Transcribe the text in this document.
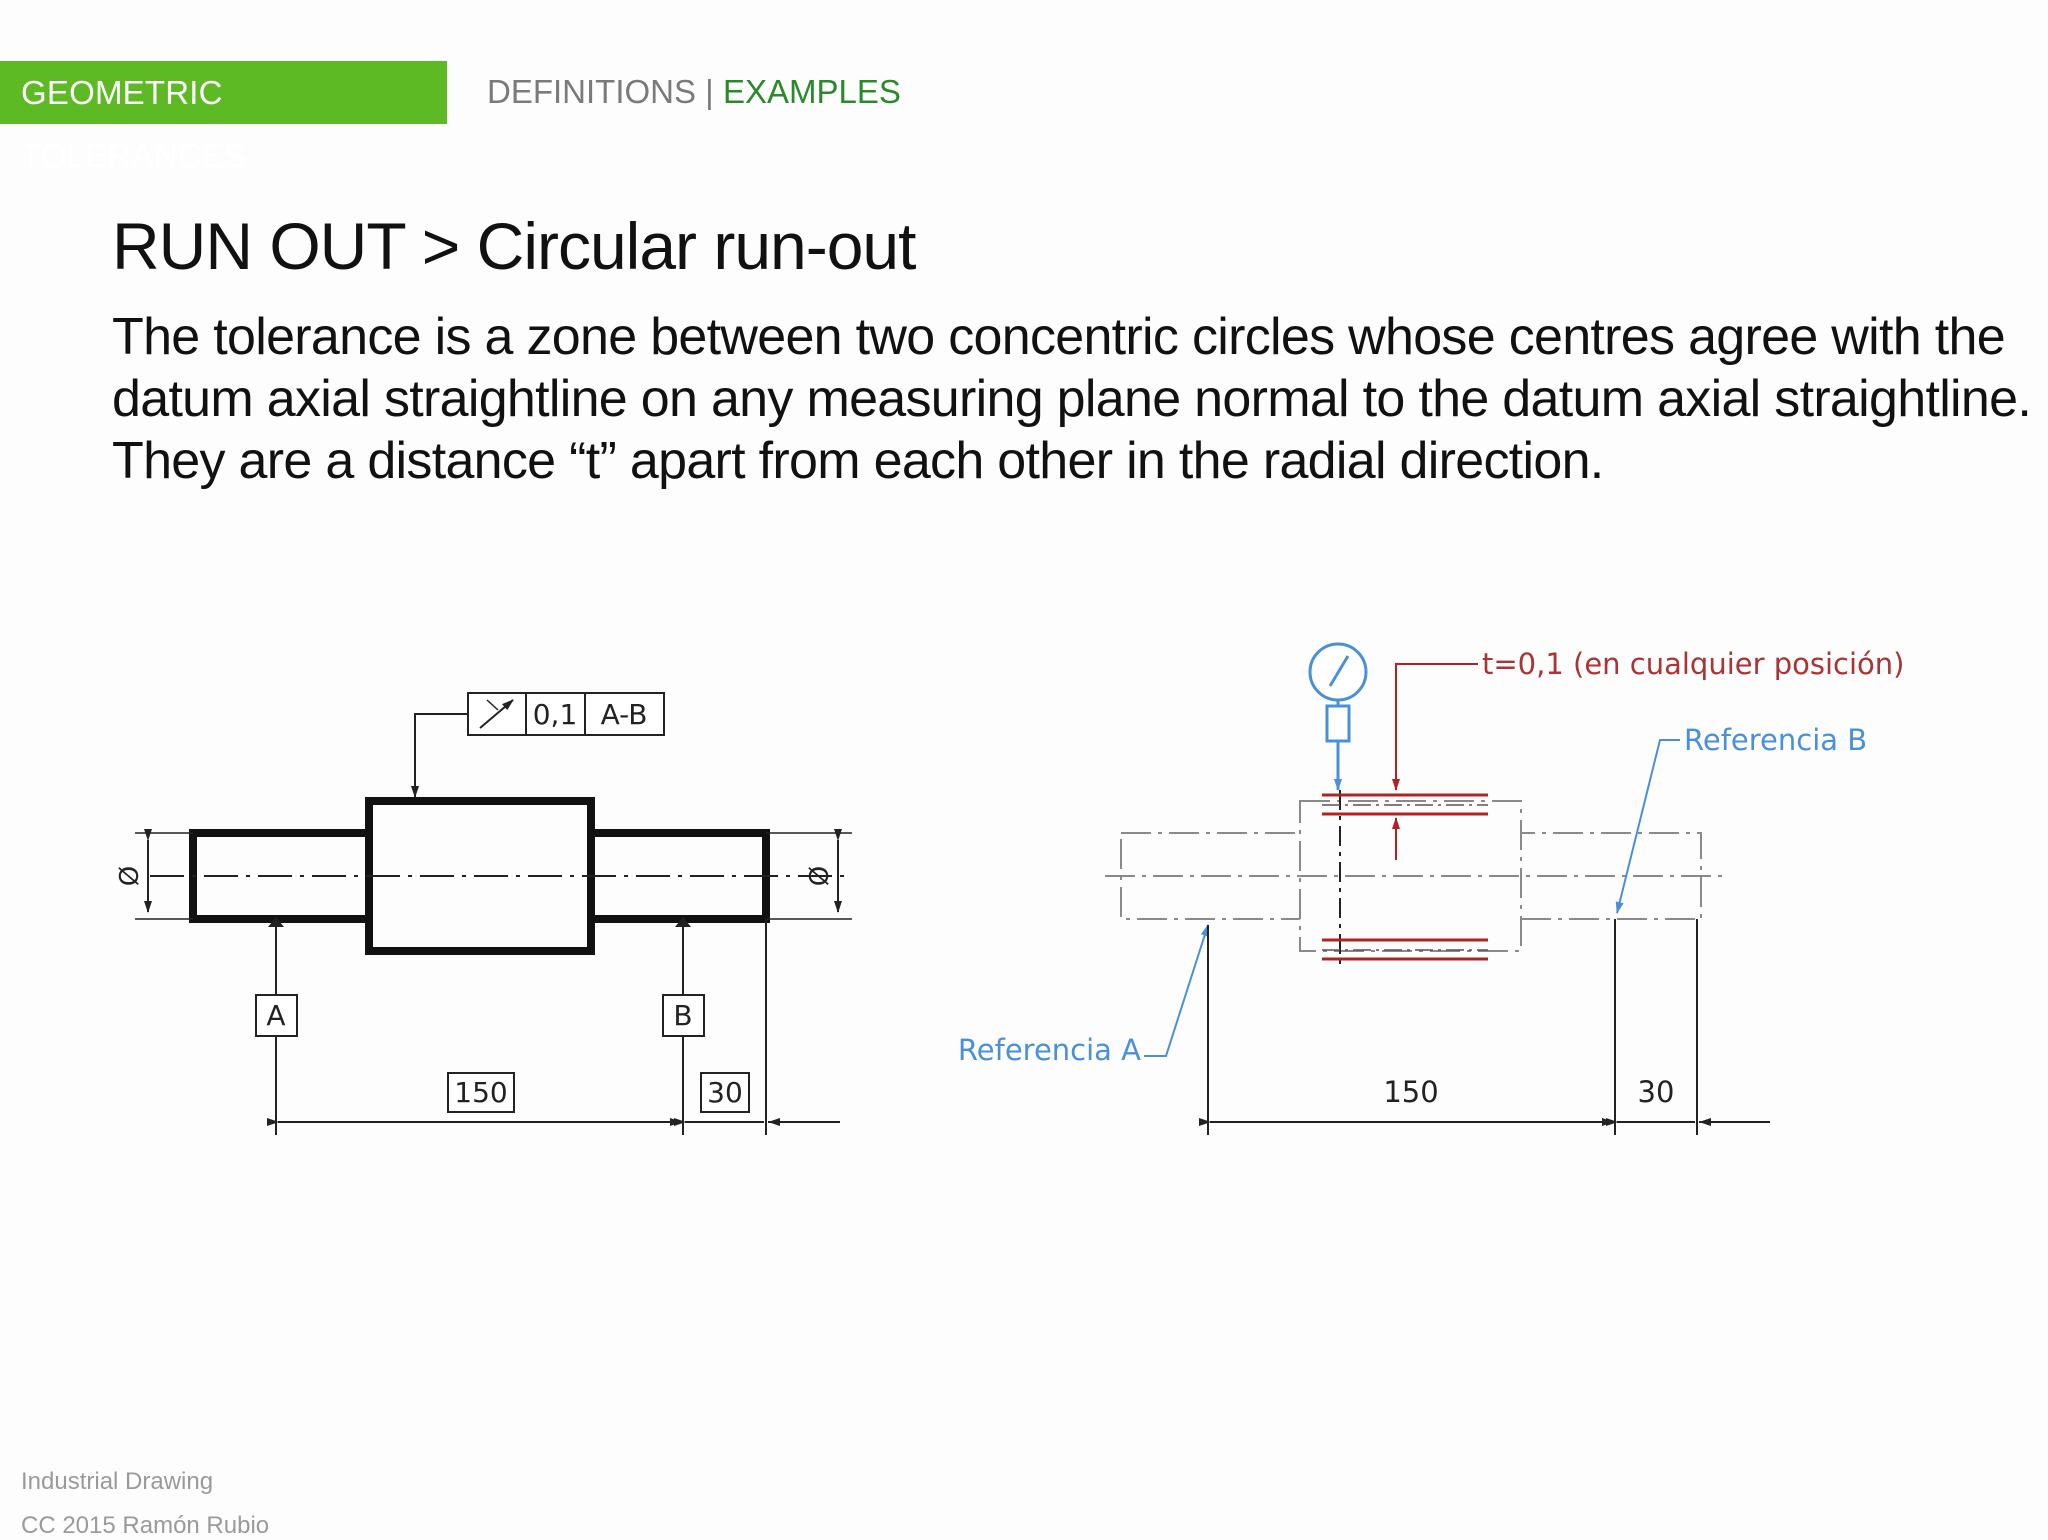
GEOMETRIC TOLERANCES
DEFINITIONS | EXAMPLES
RUN OUT > Circular run-out
The tolerance is a zone between two concentric circles whose centres agree with the
datum axial straightline on any measuring plane normal to the datum axial straightline.
They are a distance “t” apart from each other in the radial direction.
0,1 A-B
A	B
150	30
Ø	Ø
t=0,1 (en cualquier posición)
Referencia B
Referencia A
150	30
Industrial Drawing
CC 2015 Ramón Rubio
